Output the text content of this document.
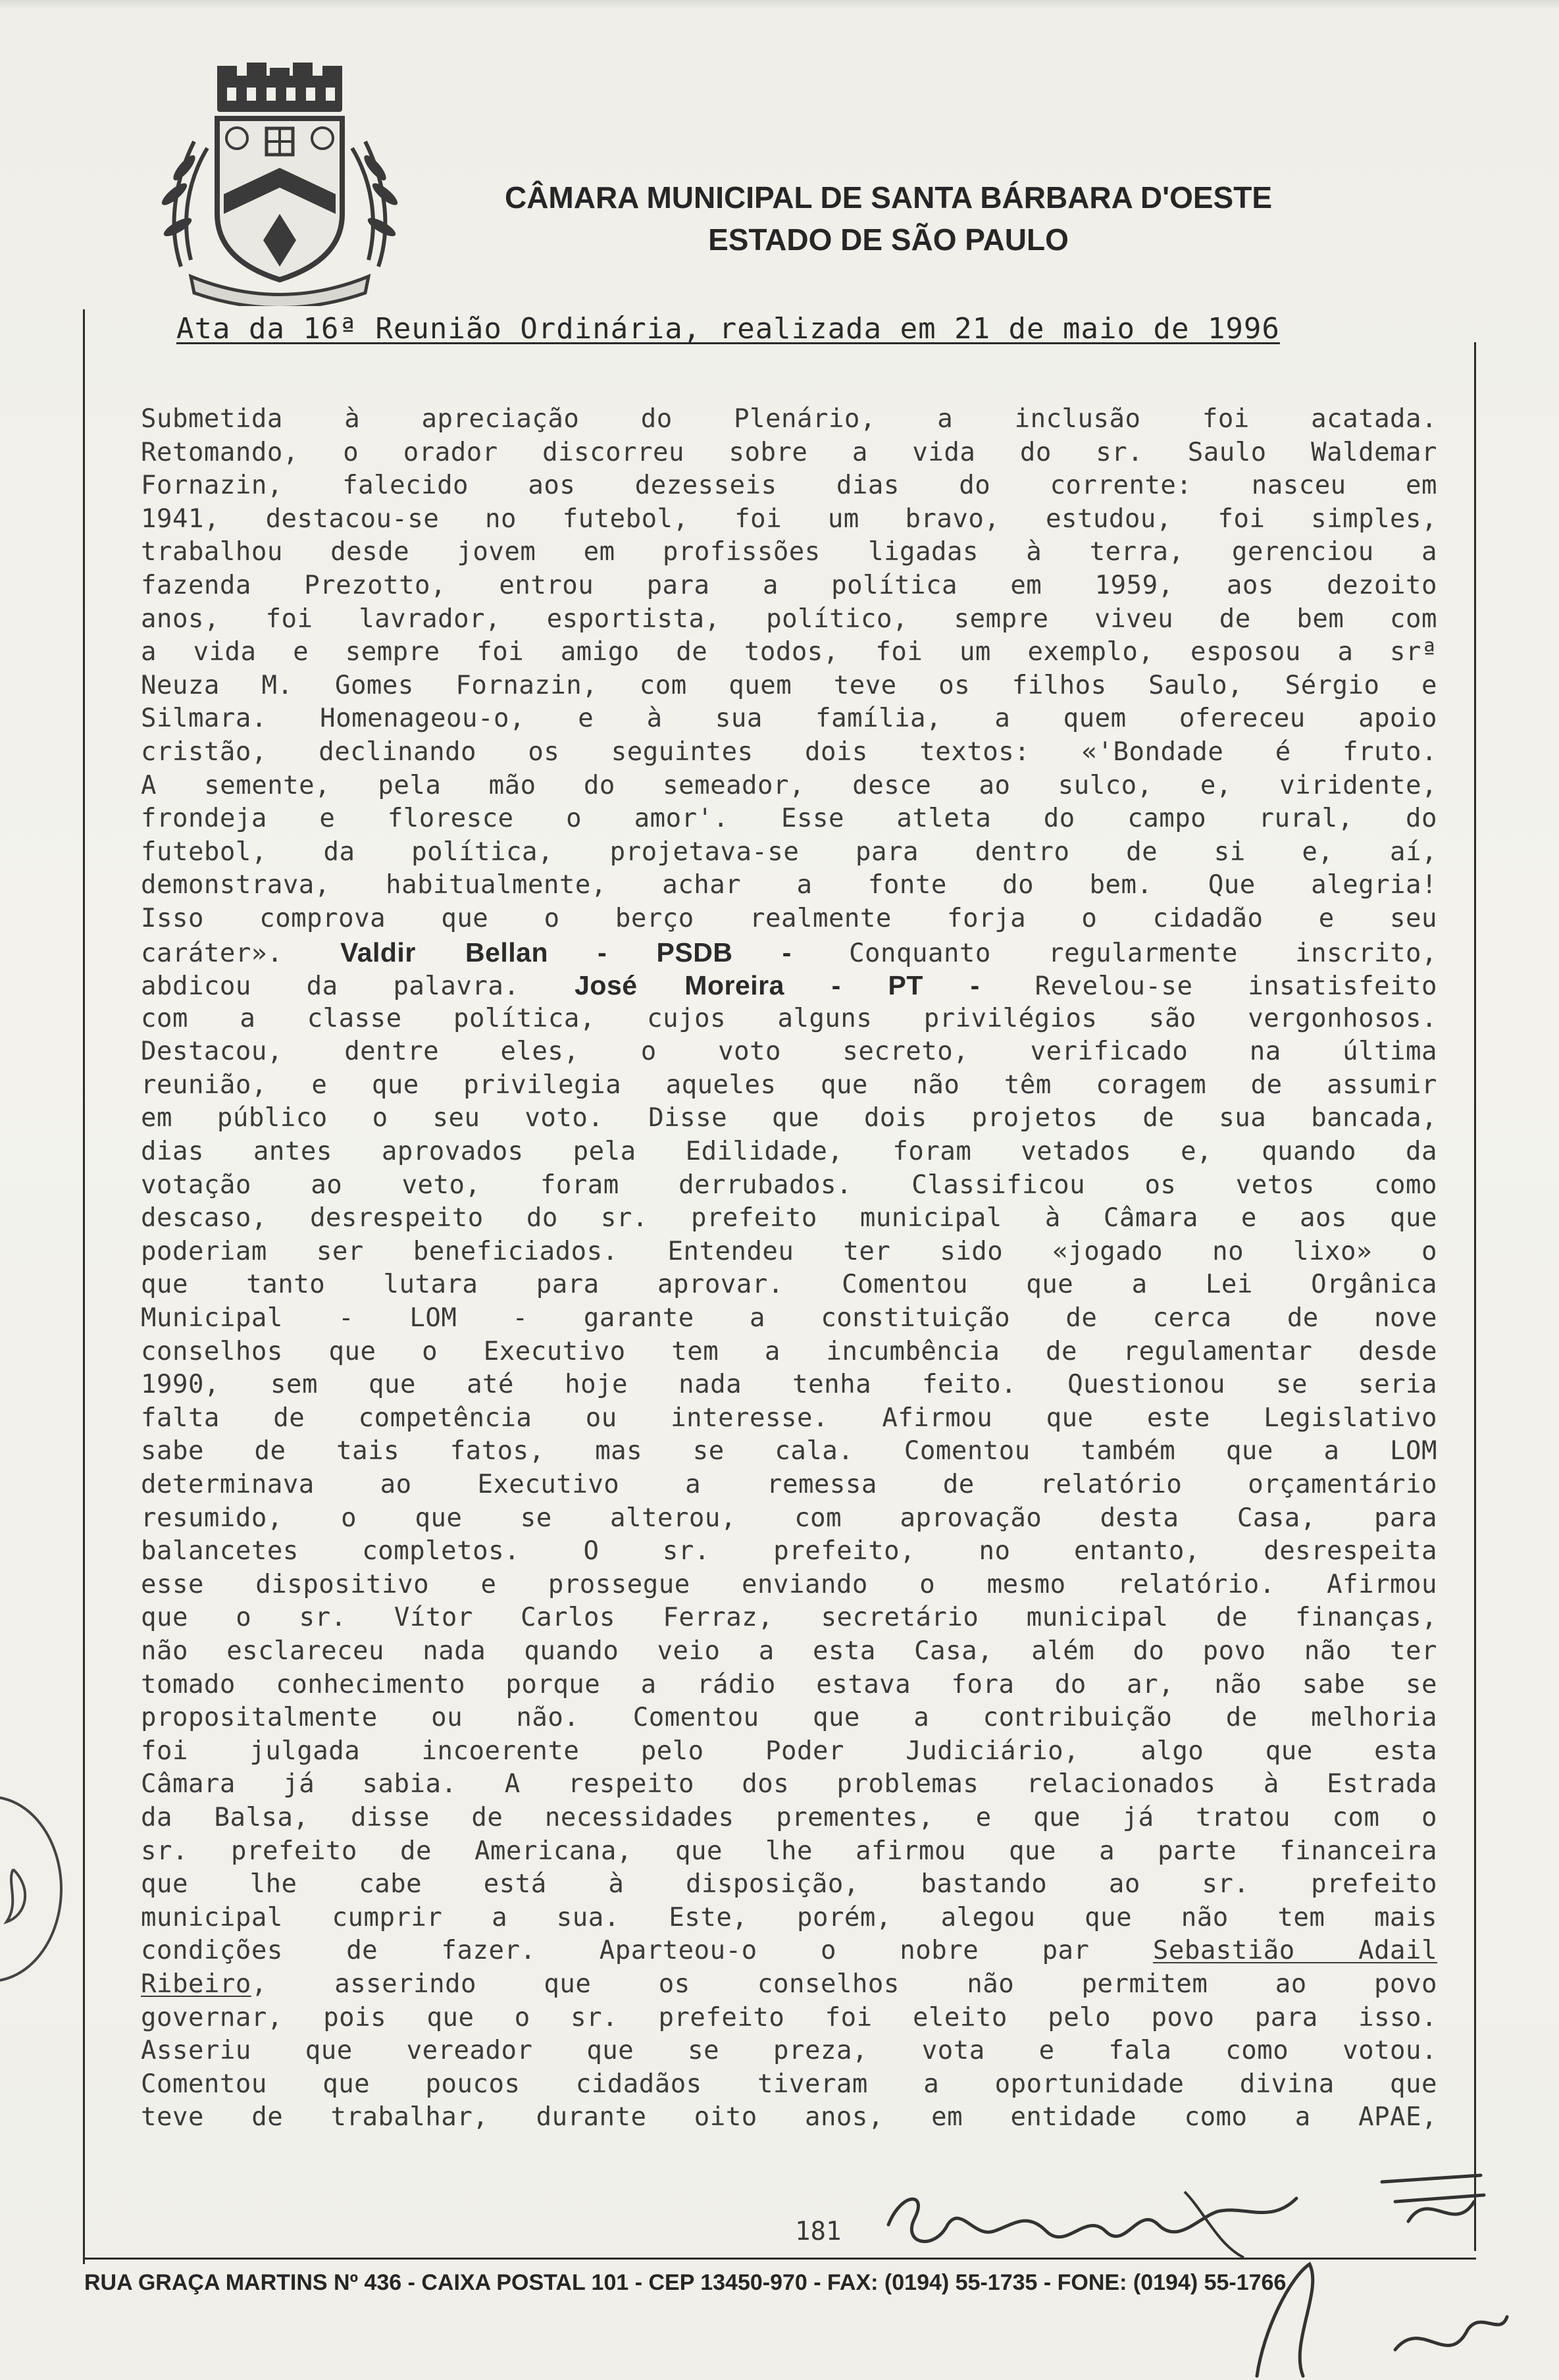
CÂMARA MUNICIPAL DE SANTA BÁRBARA D'OESTE
ESTADO DE SÃO PAULO
Ata da 16ª Reunião Ordinária, realizada em 21 de maio de 1996
Submetida à apreciação do Plenário, a inclusão foi acatada.
Retomando, o orador discorreu sobre a vida do sr. Saulo Waldemar
Fornazin, falecido aos dezesseis dias do corrente: nasceu em
1941, destacou-se no futebol, foi um bravo, estudou, foi simples,
trabalhou desde jovem em profissões ligadas à terra, gerenciou a
fazenda Prezotto, entrou para a política em 1959, aos dezoito
anos, foi lavrador, esportista, político, sempre viveu de bem com
a vida e sempre foi amigo de todos, foi um exemplo, esposou a srª
Neuza M. Gomes Fornazin, com quem teve os filhos Saulo, Sérgio e
Silmara. Homenageou-o, e à sua família, a quem ofereceu apoio
cristão, declinando os seguintes dois textos: «'Bondade é fruto.
A semente, pela mão do semeador, desce ao sulco, e, viridente,
frondeja e floresce o amor'. Esse atleta do campo rural, do
futebol, da política, projetava-se para dentro de si e, aí,
demonstrava, habitualmente, achar a fonte do bem. Que alegria!
Isso comprova que o berço realmente forja o cidadão e seu
caráter». Valdir Bellan - PSDB - Conquanto regularmente inscrito,
abdicou da palavra. José Moreira - PT - Revelou-se insatisfeito
com a classe política, cujos alguns privilégios são vergonhosos.
Destacou, dentre eles, o voto secreto, verificado na última
reunião, e que privilegia aqueles que não têm coragem de assumir
em público o seu voto. Disse que dois projetos de sua bancada,
dias antes aprovados pela Edilidade, foram vetados e, quando da
votação ao veto, foram derrubados. Classificou os vetos como
descaso, desrespeito do sr. prefeito municipal à Câmara e aos que
poderiam ser beneficiados. Entendeu ter sido «jogado no lixo» o
que tanto lutara para aprovar. Comentou que a Lei Orgânica
Municipal - LOM - garante a constituição de cerca de nove
conselhos que o Executivo tem a incumbência de regulamentar desde
1990, sem que até hoje nada tenha feito. Questionou se seria
falta de competência ou interesse. Afirmou que este Legislativo
sabe de tais fatos, mas se cala. Comentou também que a LOM
determinava ao Executivo a remessa de relatório orçamentário
resumido, o que se alterou, com aprovação desta Casa, para
balancetes completos. O sr. prefeito, no entanto, desrespeita
esse dispositivo e prossegue enviando o mesmo relatório. Afirmou
que o sr. Vítor Carlos Ferraz, secretário municipal de finanças,
não esclareceu nada quando veio a esta Casa, além do povo não ter
tomado conhecimento porque a rádio estava fora do ar, não sabe se
propositalmente ou não. Comentou que a contribuição de melhoria
foi julgada incoerente pelo Poder Judiciário, algo que esta
Câmara já sabia. A respeito dos problemas relacionados à Estrada
da Balsa, disse de necessidades prementes, e que já tratou com o
sr. prefeito de Americana, que lhe afirmou que a parte financeira
que lhe cabe está à disposição, bastando ao sr. prefeito
municipal cumprir a sua. Este, porém, alegou que não tem mais
condições de fazer. Aparteou-o o nobre par Sebastião Adail
Ribeiro, asserindo que os conselhos não permitem ao povo
governar, pois que o sr. prefeito foi eleito pelo povo para isso.
Asseriu que vereador que se preza, vota e fala como votou.
Comentou que poucos cidadãos tiveram a oportunidade divina que
teve de trabalhar, durante oito anos, em entidade como a APAE,
181
RUA GRAÇA MARTINS Nº 436 - CAIXA POSTAL 101 - CEP 13450-970 - FAX: (0194) 55-1735 - FONE: (0194) 55-1766
